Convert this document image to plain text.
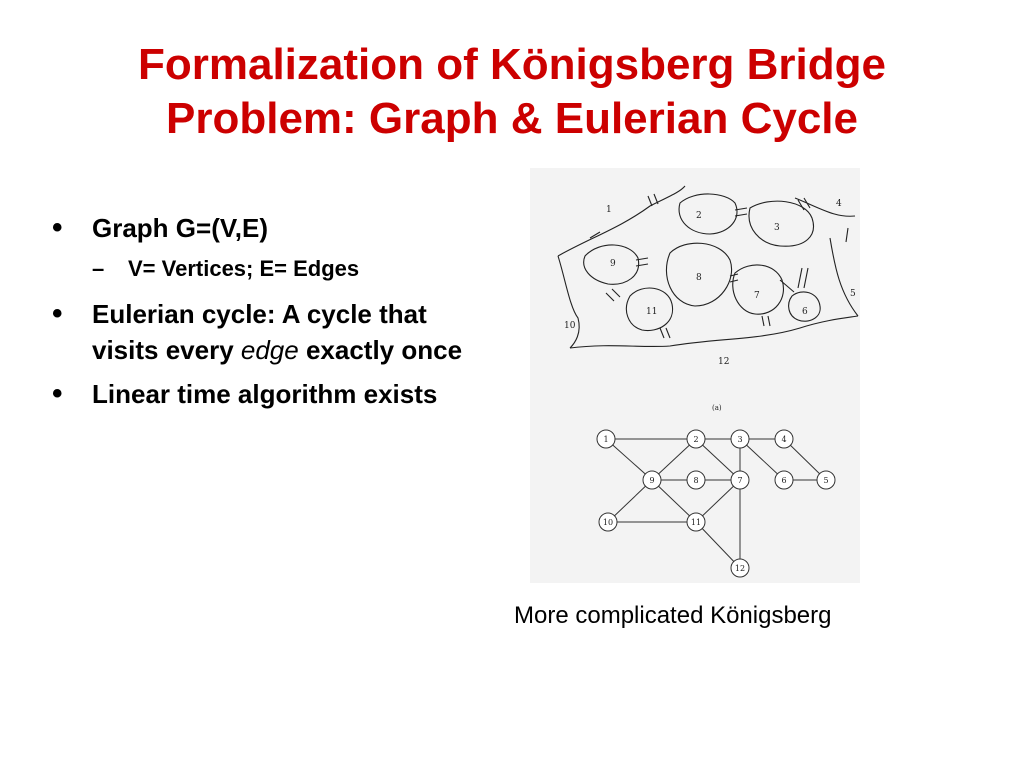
Formalization of Königsberg Bridge
Problem: Graph & Eulerian Cycle
• Graph G=(V,E)
– V= Vertices; E= Edges
• Eulerian cycle: A cycle that visits every edge exactly once
• Linear time algorithm exists
1
2
3
4
5
6
7
8
9
10
11
12
(a)
1	2	3	4
5
6
7
8
9
10	11
12
More complicated Königsberg
